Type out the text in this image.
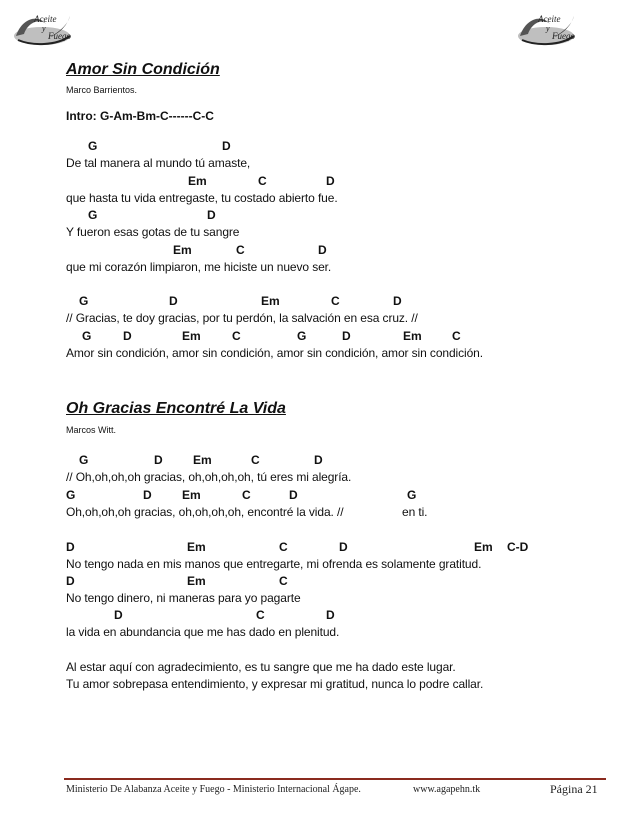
Aceite
y
Fuego
Aceite
y
Fuego
Amor Sin Condición
Marco Barrientos.
Intro: G-Am-Bm-C------C-C
G	D
De tal manera al mundo tú amaste,
Em	C	D
que hasta tu vida entregaste, tu costado abierto fue.
G	D
Y fueron esas gotas de tu sangre
Em	C	D
que mi corazón limpiaron, me hiciste un nuevo ser.
G	D	Em	C	D
// Gracias, te doy gracias, por tu perdón, la salvación en esa cruz. //
G	D	Em	C	G	D	Em	C
Amor sin condición, amor sin condición, amor sin condición, amor sin condición.
Oh Gracias Encontré La Vida
Marcos Witt.
G	D	Em	C	D
// Oh,oh,oh,oh gracias, oh,oh,oh,oh, tú eres mi alegría.
G	D	Em	C	D	G
Oh,oh,oh,oh gracias, oh,oh,oh,oh, encontré la vida. //	en ti.
D	Em	C	D	Em C-D
No tengo nada en mis manos que entregarte, mi ofrenda es solamente gratitud.
D	Em	C
No tengo dinero, ni maneras para yo pagarte
D	C	D
la vida en abundancia que me has dado en plenitud.
Al estar aquí con agradecimiento, es tu sangre que me ha dado este lugar.
Tu amor sobrepasa entendimiento, y expresar mi gratitud, nunca lo podre callar.
Ministerio De Alabanza Aceite y Fuego - Ministerio Internacional Ágape.	www.agapehn.tk	Página 21
